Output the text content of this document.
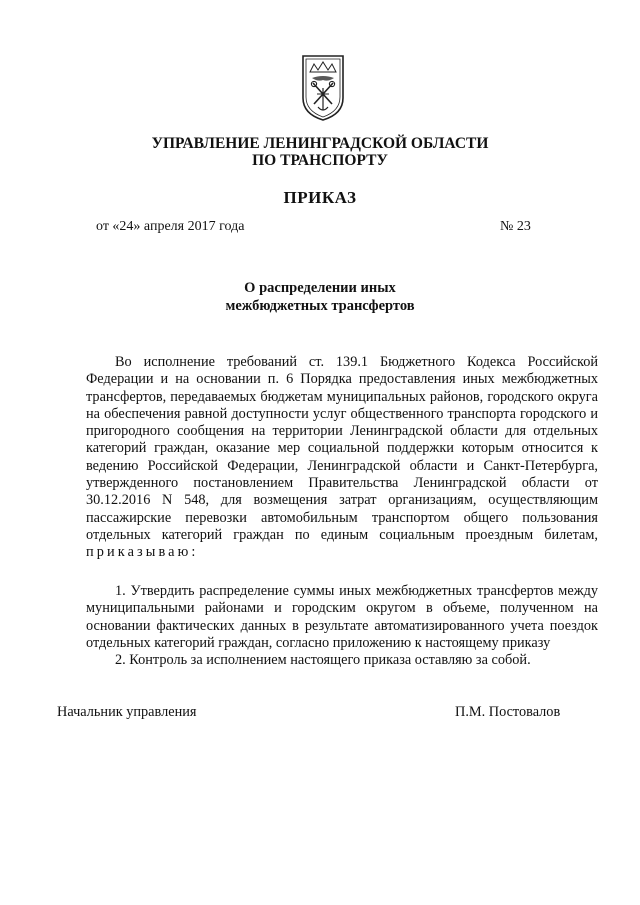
УПРАВЛЕНИЕ ЛЕНИНГРАДСКОЙ ОБЛАСТИ
ПО ТРАНСПОРТУ
ПРИКАЗ
от «24» апреля 2017 года	№ 23
О распределении иных
межбюджетных трансфертов
Во исполнение требований ст. 139.1 Бюджетного Кодекса Российской
Федерации и на основании п. 6 Порядка предоставления иных межбюджетных
трансфертов, передаваемых бюджетам муниципальных районов, городского округа
на обеспечения равной доступности услуг общественного транспорта городского и
пригородного сообщения на территории Ленинградской области для отдельных
категорий граждан, оказание мер социальной поддержки которым относится к
ведению Российской Федерации, Ленинградской области и Санкт-Петербурга,
утвержденного постановлением Правительства Ленинградской области от
30.12.2016 N 548, для возмещения затрат организациям, осуществляющим
пассажирские перевозки автомобильным транспортом общего пользования
отдельных категорий граждан по единым социальным проездным билетам,
приказываю:
1. Утвердить распределение суммы иных межбюджетных трансфертов между
муниципальными районами и городским округом в объеме, полученном на
основании фактических данных в результате автоматизированного учета поездок
отдельных категорий граждан, согласно приложению к настоящему приказу
2. Контроль за исполнением настоящего приказа оставляю за собой.
Начальник управления	П.М. Постовалов
